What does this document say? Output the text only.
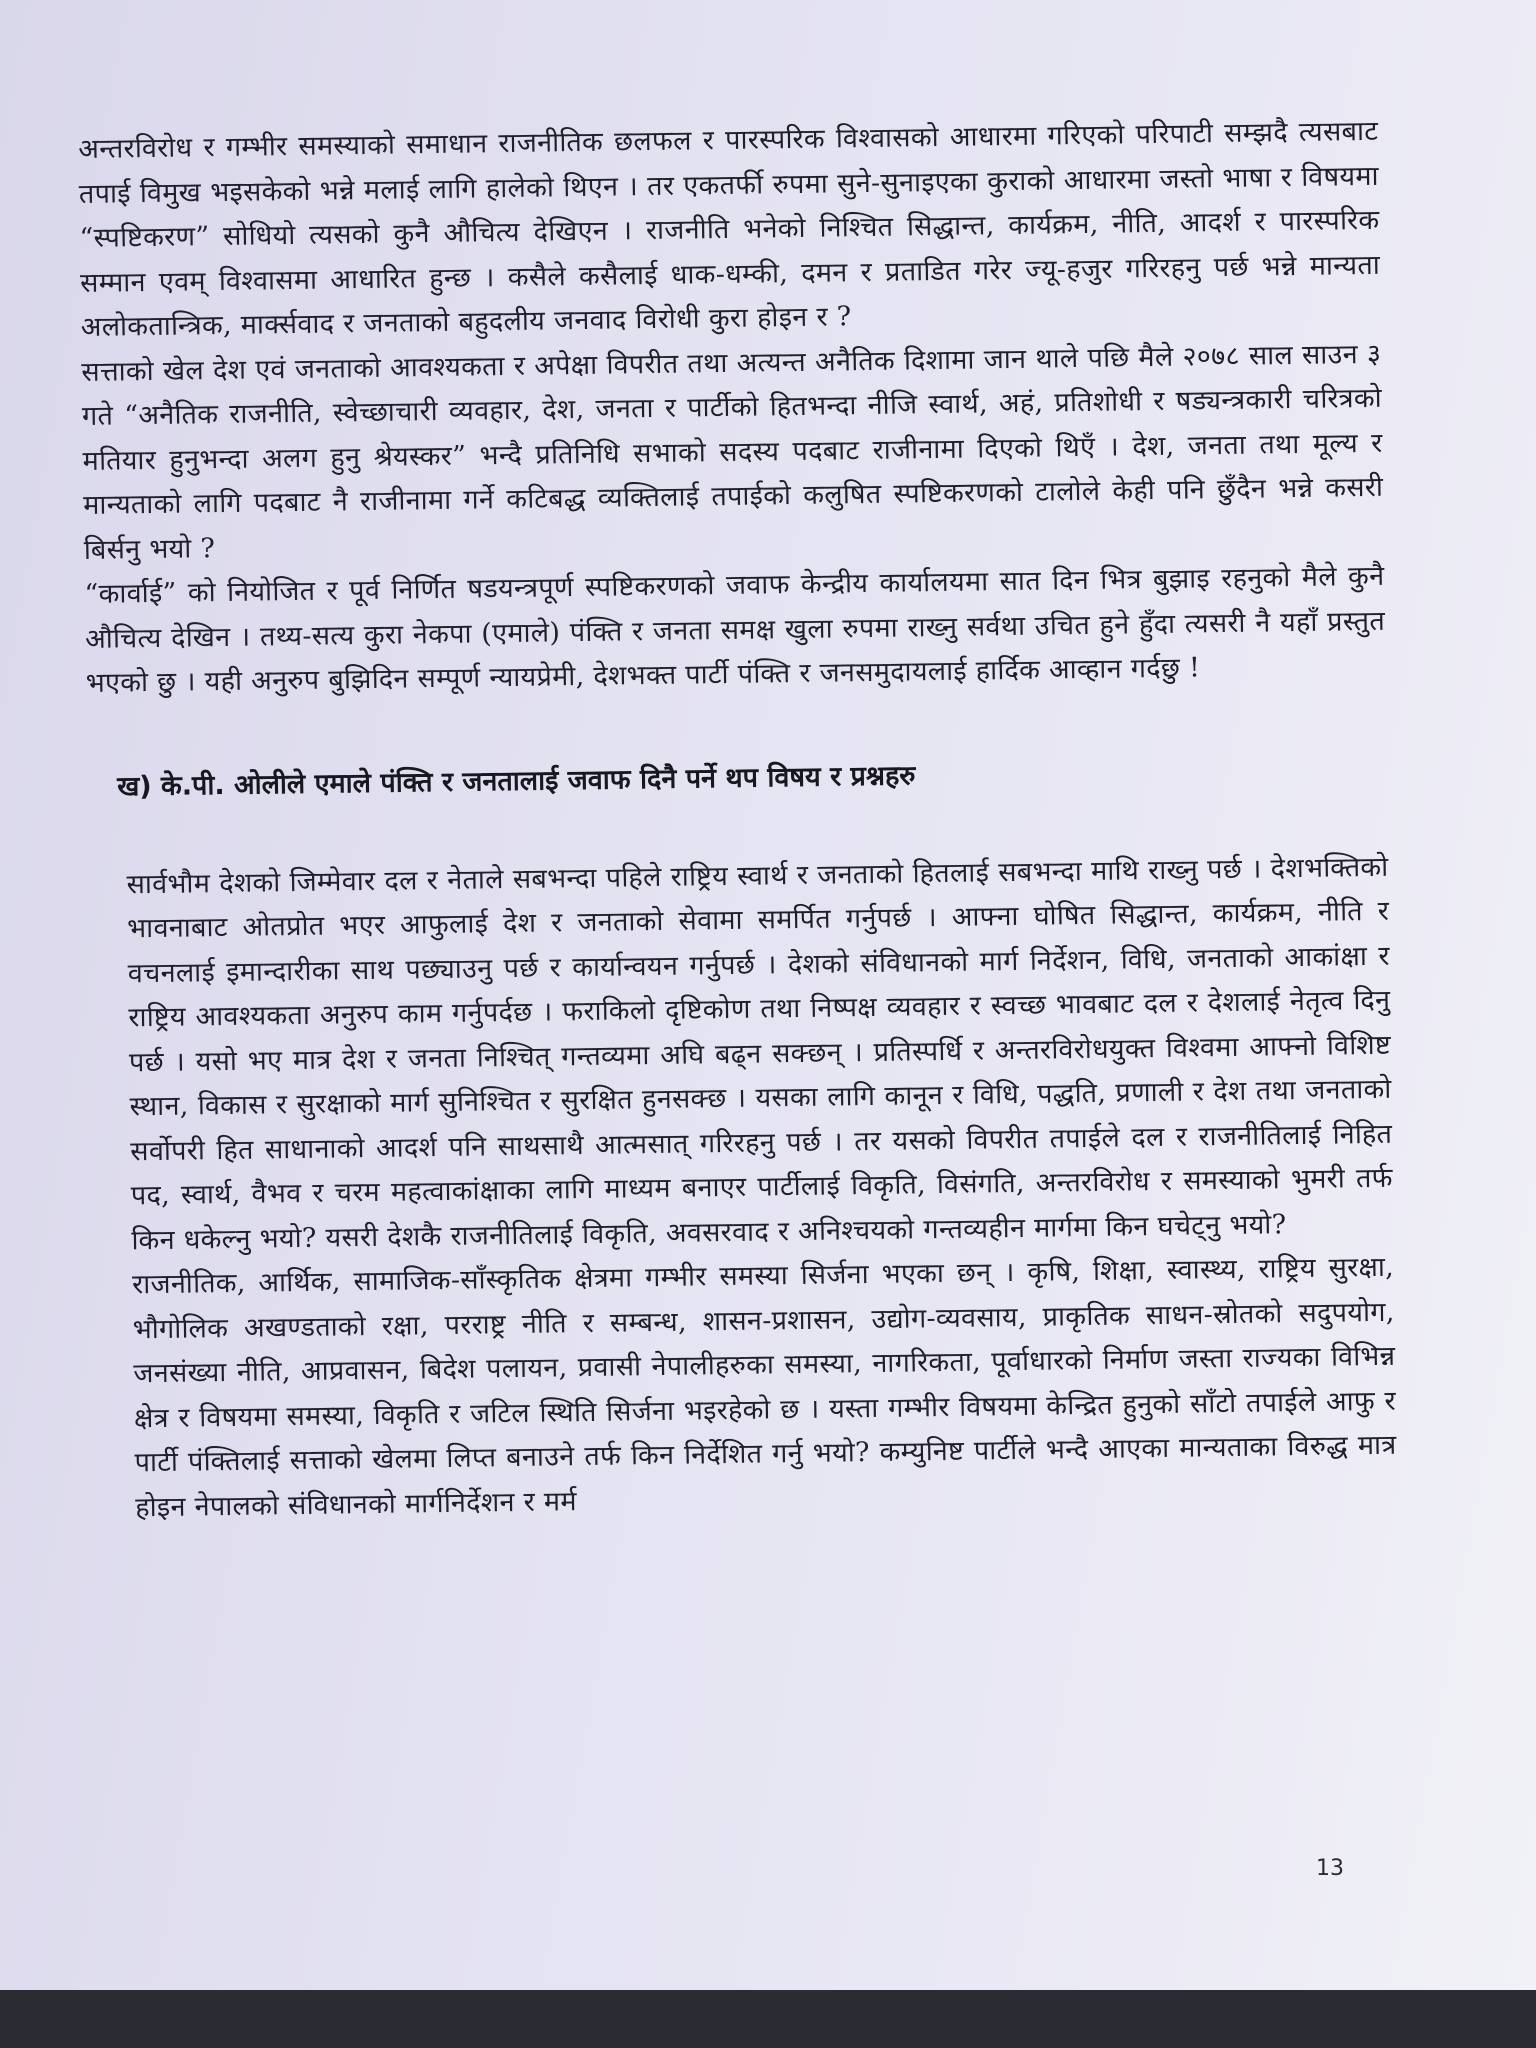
अन्तरविरोध र गम्भीर समस्याको समाधान राजनीतिक छलफल र पारस्परिक विश्वासको आधारमा गरिएको परिपाटी सम्झदै त्यसबाट तपाई विमुख भइसकेको भन्ने मलाई लागि हालेको थिएन । तर एकतर्फी रुपमा सुने-सुनाइएका कुराको आधारमा जस्तो भाषा र विषयमा “स्पष्टिकरण” सोधियो त्यसको कुनै औचित्य देखिएन । राजनीति भनेको निश्चित सिद्धान्त, कार्यक्रम, नीति, आदर्श र पारस्परिक सम्मान एवम् विश्वासमा आधारित हुन्छ । कसैले कसैलाई धाक-धम्की, दमन र प्रताडित गरेर ज्यू-हजुर गरिरहनु पर्छ भन्ने मान्यता अलोकतान्त्रिक, मार्क्सवाद र जनताको बहुदलीय जनवाद विरोधी कुरा होइन र ?

सत्ताको खेल देश एवं जनताको आवश्यकता र अपेक्षा विपरीत तथा अत्यन्त अनैतिक दिशामा जान थाले पछि मैले २०७८ साल साउन ३ गते “अनैतिक राजनीति, स्वेच्छाचारी व्यवहार, देश, जनता र पार्टीको हितभन्दा नीजि स्वार्थ, अहं, प्रतिशोधी र षड्यन्त्रकारी चरित्रको मतियार हुनुभन्दा अलग हुनु श्रेयस्कर” भन्दै प्रतिनिधि सभाको सदस्य पदबाट राजीनामा दिएको थिएँ । देश, जनता तथा मूल्य र मान्यताको लागि पदबाट नै राजीनामा गर्ने कटिबद्ध व्यक्तिलाई तपाईको कलुषित स्पष्टिकरणको टालोले केही पनि छुँदैन भन्ने कसरी बिर्सनु भयो ?

“कार्वाई” को नियोजित र पूर्व निर्णित षडयन्त्रपूर्ण स्पष्टिकरणको जवाफ केन्द्रीय कार्यालयमा सात दिन भित्र बुझाइ रहनुको मैले कुनै औचित्य देखिन । तथ्य-सत्य कुरा नेकपा (एमाले) पंक्ति र जनता समक्ष खुला रुपमा राख्नु सर्वथा उचित हुने हुँदा त्यसरी नै यहाँ प्रस्तुत भएको छु । यही अनुरुप बुझिदिन सम्पूर्ण न्यायप्रेमी, देशभक्त पार्टी पंक्ति र जनसमुदायलाई हार्दिक आव्हान गर्दछु !

ख) के.पी. ओलीले एमाले पंक्ति र जनतालाई जवाफ दिनै पर्ने थप विषय र प्रश्नहरु

सार्वभौम देशको जिम्मेवार दल र नेताले सबभन्दा पहिले राष्ट्रिय स्वार्थ र जनताको हितलाई सबभन्दा माथि राख्नु पर्छ । देशभक्तिको भावनाबाट ओतप्रोत भएर आफुलाई देश र जनताको सेवामा समर्पित गर्नुपर्छ । आफ्ना घोषित सिद्धान्त, कार्यक्रम, नीति र वचनलाई इमान्दारीका साथ पछ्याउनु पर्छ र कार्यान्वयन गर्नुपर्छ । देशको संविधानको मार्ग निर्देशन, विधि, जनताको आकांक्षा र राष्ट्रिय आवश्यकता अनुरुप काम गर्नुपर्दछ । फराकिलो दृष्टिकोण तथा निष्पक्ष व्यवहार र स्वच्छ भावबाट दल र देशलाई नेतृत्व दिनु पर्छ । यसो भए मात्र देश र जनता निश्चित् गन्तव्यमा अघि बढ्न सक्छन् । प्रतिस्पर्धि र अन्तरविरोधयुक्त विश्वमा आफ्नो विशिष्ट स्थान, विकास र सुरक्षाको मार्ग सुनिश्चित र सुरक्षित हुनसक्छ । यसका लागि कानून र विधि, पद्धति, प्रणाली र देश तथा जनताको सर्वोपरी हित साधानाको आदर्श पनि साथसाथै आत्मसात् गरिरहनु पर्छ । तर यसको विपरीत तपाईले दल र राजनीतिलाई निहित पद, स्वार्थ, वैभव र चरम महत्वाकांक्षाका लागि माध्यम बनाएर पार्टीलाई विकृति, विसंगति, अन्तरविरोध र समस्याको भुमरी तर्फ किन धकेल्नु भयो? यसरी देशकै राजनीतिलाई विकृति, अवसरवाद र अनिश्चयको गन्तव्यहीन मार्गमा किन घचेट्नु भयो?

राजनीतिक, आर्थिक, सामाजिक-साँस्कृतिक क्षेत्रमा गम्भीर समस्या सिर्जना भएका छन् । कृषि, शिक्षा, स्वास्थ्य, राष्ट्रिय सुरक्षा, भौगोलिक अखण्डताको रक्षा, परराष्ट्र नीति र सम्बन्ध, शासन-प्रशासन, उद्योग-व्यवसाय, प्राकृतिक साधन-स्रोतको सदुपयोग, जनसंख्या नीति, आप्रवासन, बिदेश पलायन, प्रवासी नेपालीहरुका समस्या, नागरिकता, पूर्वाधारको निर्माण जस्ता राज्यका विभिन्न क्षेत्र र विषयमा समस्या, विकृति र जटिल स्थिति सिर्जना भइरहेको छ । यस्ता गम्भीर विषयमा केन्द्रित हुनुको साँटो तपाईले आफु र पार्टी पंक्तिलाई सत्ताको खेलमा लिप्त बनाउने तर्फ किन निर्देशित गर्नु भयो? कम्युनिष्ट पार्टीले भन्दै आएका मान्यताका विरुद्ध मात्र होइन नेपालको संविधानको मार्गनिर्देशन र मर्म

13
